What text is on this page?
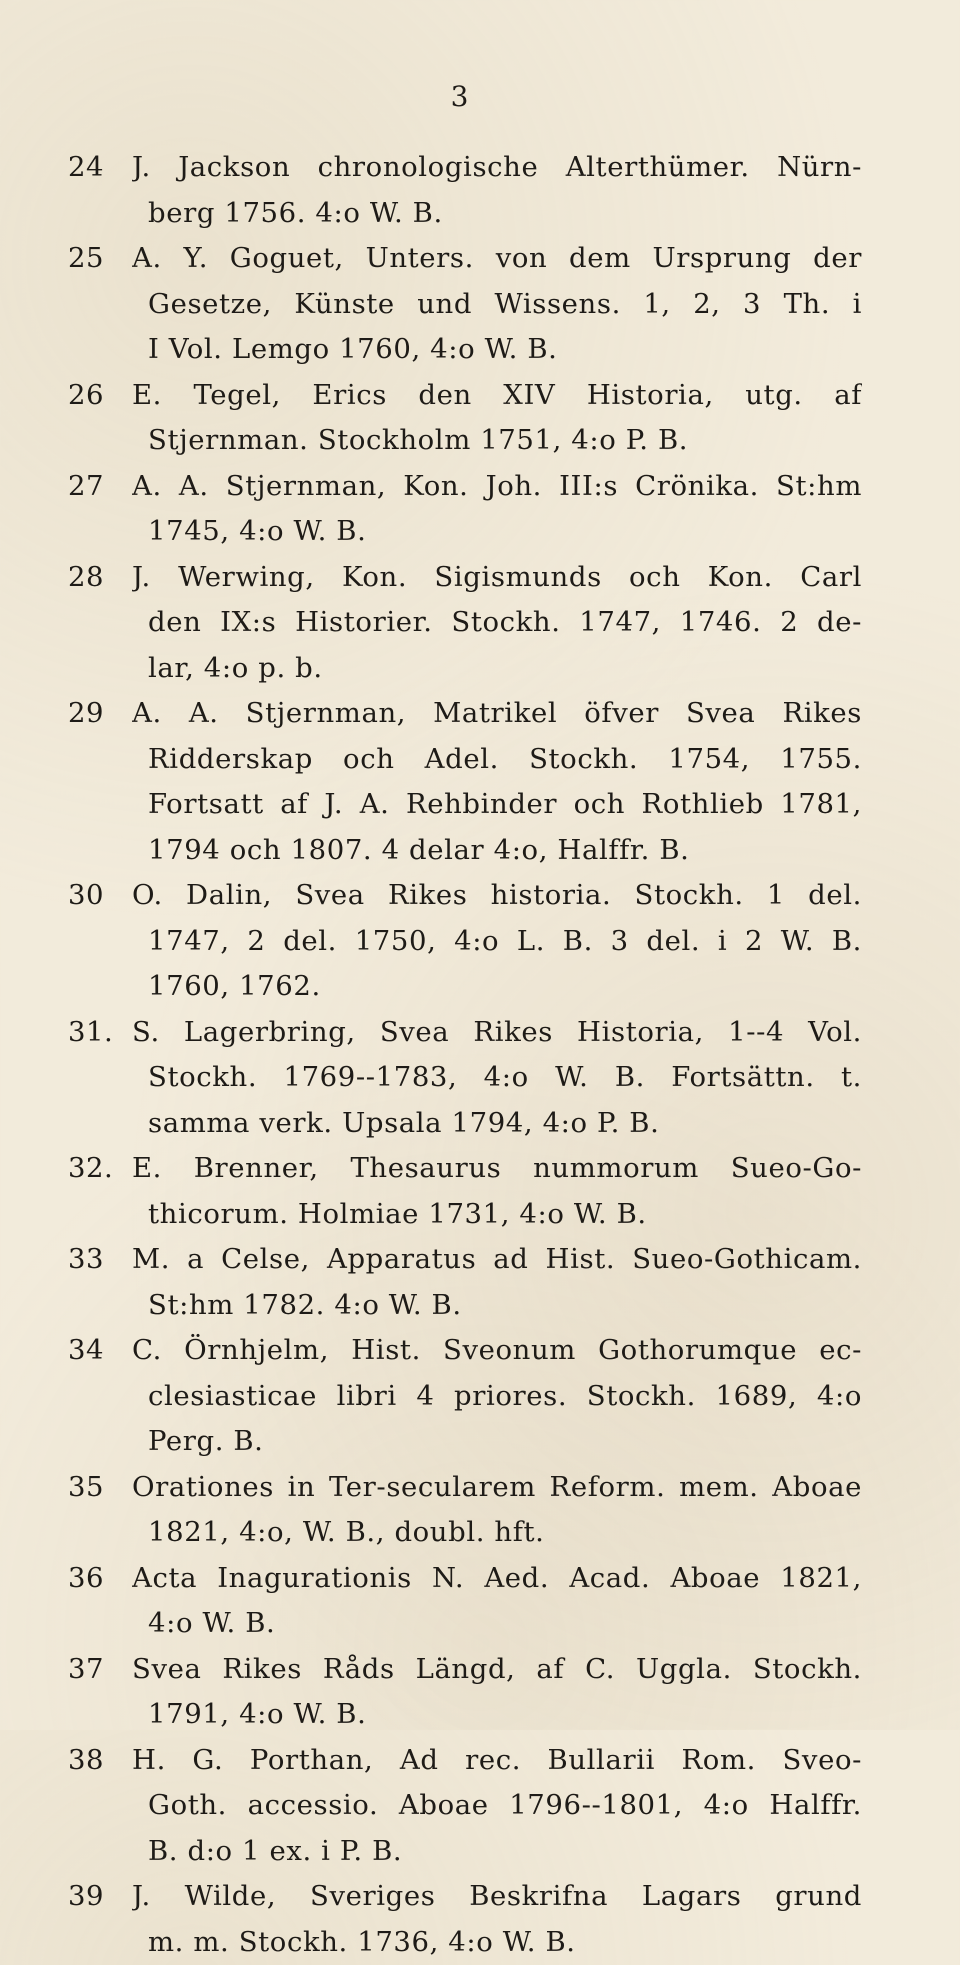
3
24 J. Jackson chronologische Alterthümer. Nürn-
berg 1756. 4:o W. B.
25 A. Y. Goguet, Unters. von dem Ursprung der
Gesetze, Künste und Wissens. 1, 2, 3 Th. i
I Vol. Lemgo 1760, 4:o W. B.
26 E. Tegel, Erics den XIV Historia, utg. af
Stjernman. Stockholm 1751, 4:o P. B.
27 A. A. Stjernman, Kon. Joh. III:s Crönika. St:hm
1745, 4:o W. B.
28 J. Werwing, Kon. Sigismunds och Kon. Carl
den IX:s Historier. Stockh. 1747, 1746. 2 de-
lar, 4:o p. b.
29 A. A. Stjernman, Matrikel öfver Svea Rikes
Ridderskap och Adel. Stockh. 1754, 1755.
Fortsatt af J. A. Rehbinder och Rothlieb 1781,
1794 och 1807. 4 delar 4:o, Halffr. B.
30 O. Dalin, Svea Rikes historia. Stockh. 1 del.
1747, 2 del. 1750, 4:o L. B. 3 del. i 2 W. B.
1760, 1762.
31. S. Lagerbring, Svea Rikes Historia, 1--4 Vol.
Stockh. 1769--1783, 4:o W. B. Fortsättn. t.
samma verk. Upsala 1794, 4:o P. B.
32. E. Brenner, Thesaurus nummorum Sueo-Go-
thicorum. Holmiae 1731, 4:o W. B.
33 M. a Celse, Apparatus ad Hist. Sueo-Gothicam.
St:hm 1782. 4:o W. B.
34 C. Örnhjelm, Hist. Sveonum Gothorumque ec-
clesiasticae libri 4 priores. Stockh. 1689, 4:o
Perg. B.
35 Orationes in Ter-secularem Reform. mem. Aboae
1821, 4:o, W. B., doubl. hft.
36 Acta Inagurationis N. Aed. Acad. Aboae 1821,
4:o W. B.
37 Svea Rikes Råds Längd, af C. Uggla. Stockh.
1791, 4:o W. B.
38 H. G. Porthan, Ad rec. Bullarii Rom. Sveo-
Goth. accessio. Aboae 1796--1801, 4:o Halffr.
B. d:o 1 ex. i P. B.
39 J. Wilde, Sveriges Beskrifna Lagars grund
m. m. Stockh. 1736, 4:o W. B.
